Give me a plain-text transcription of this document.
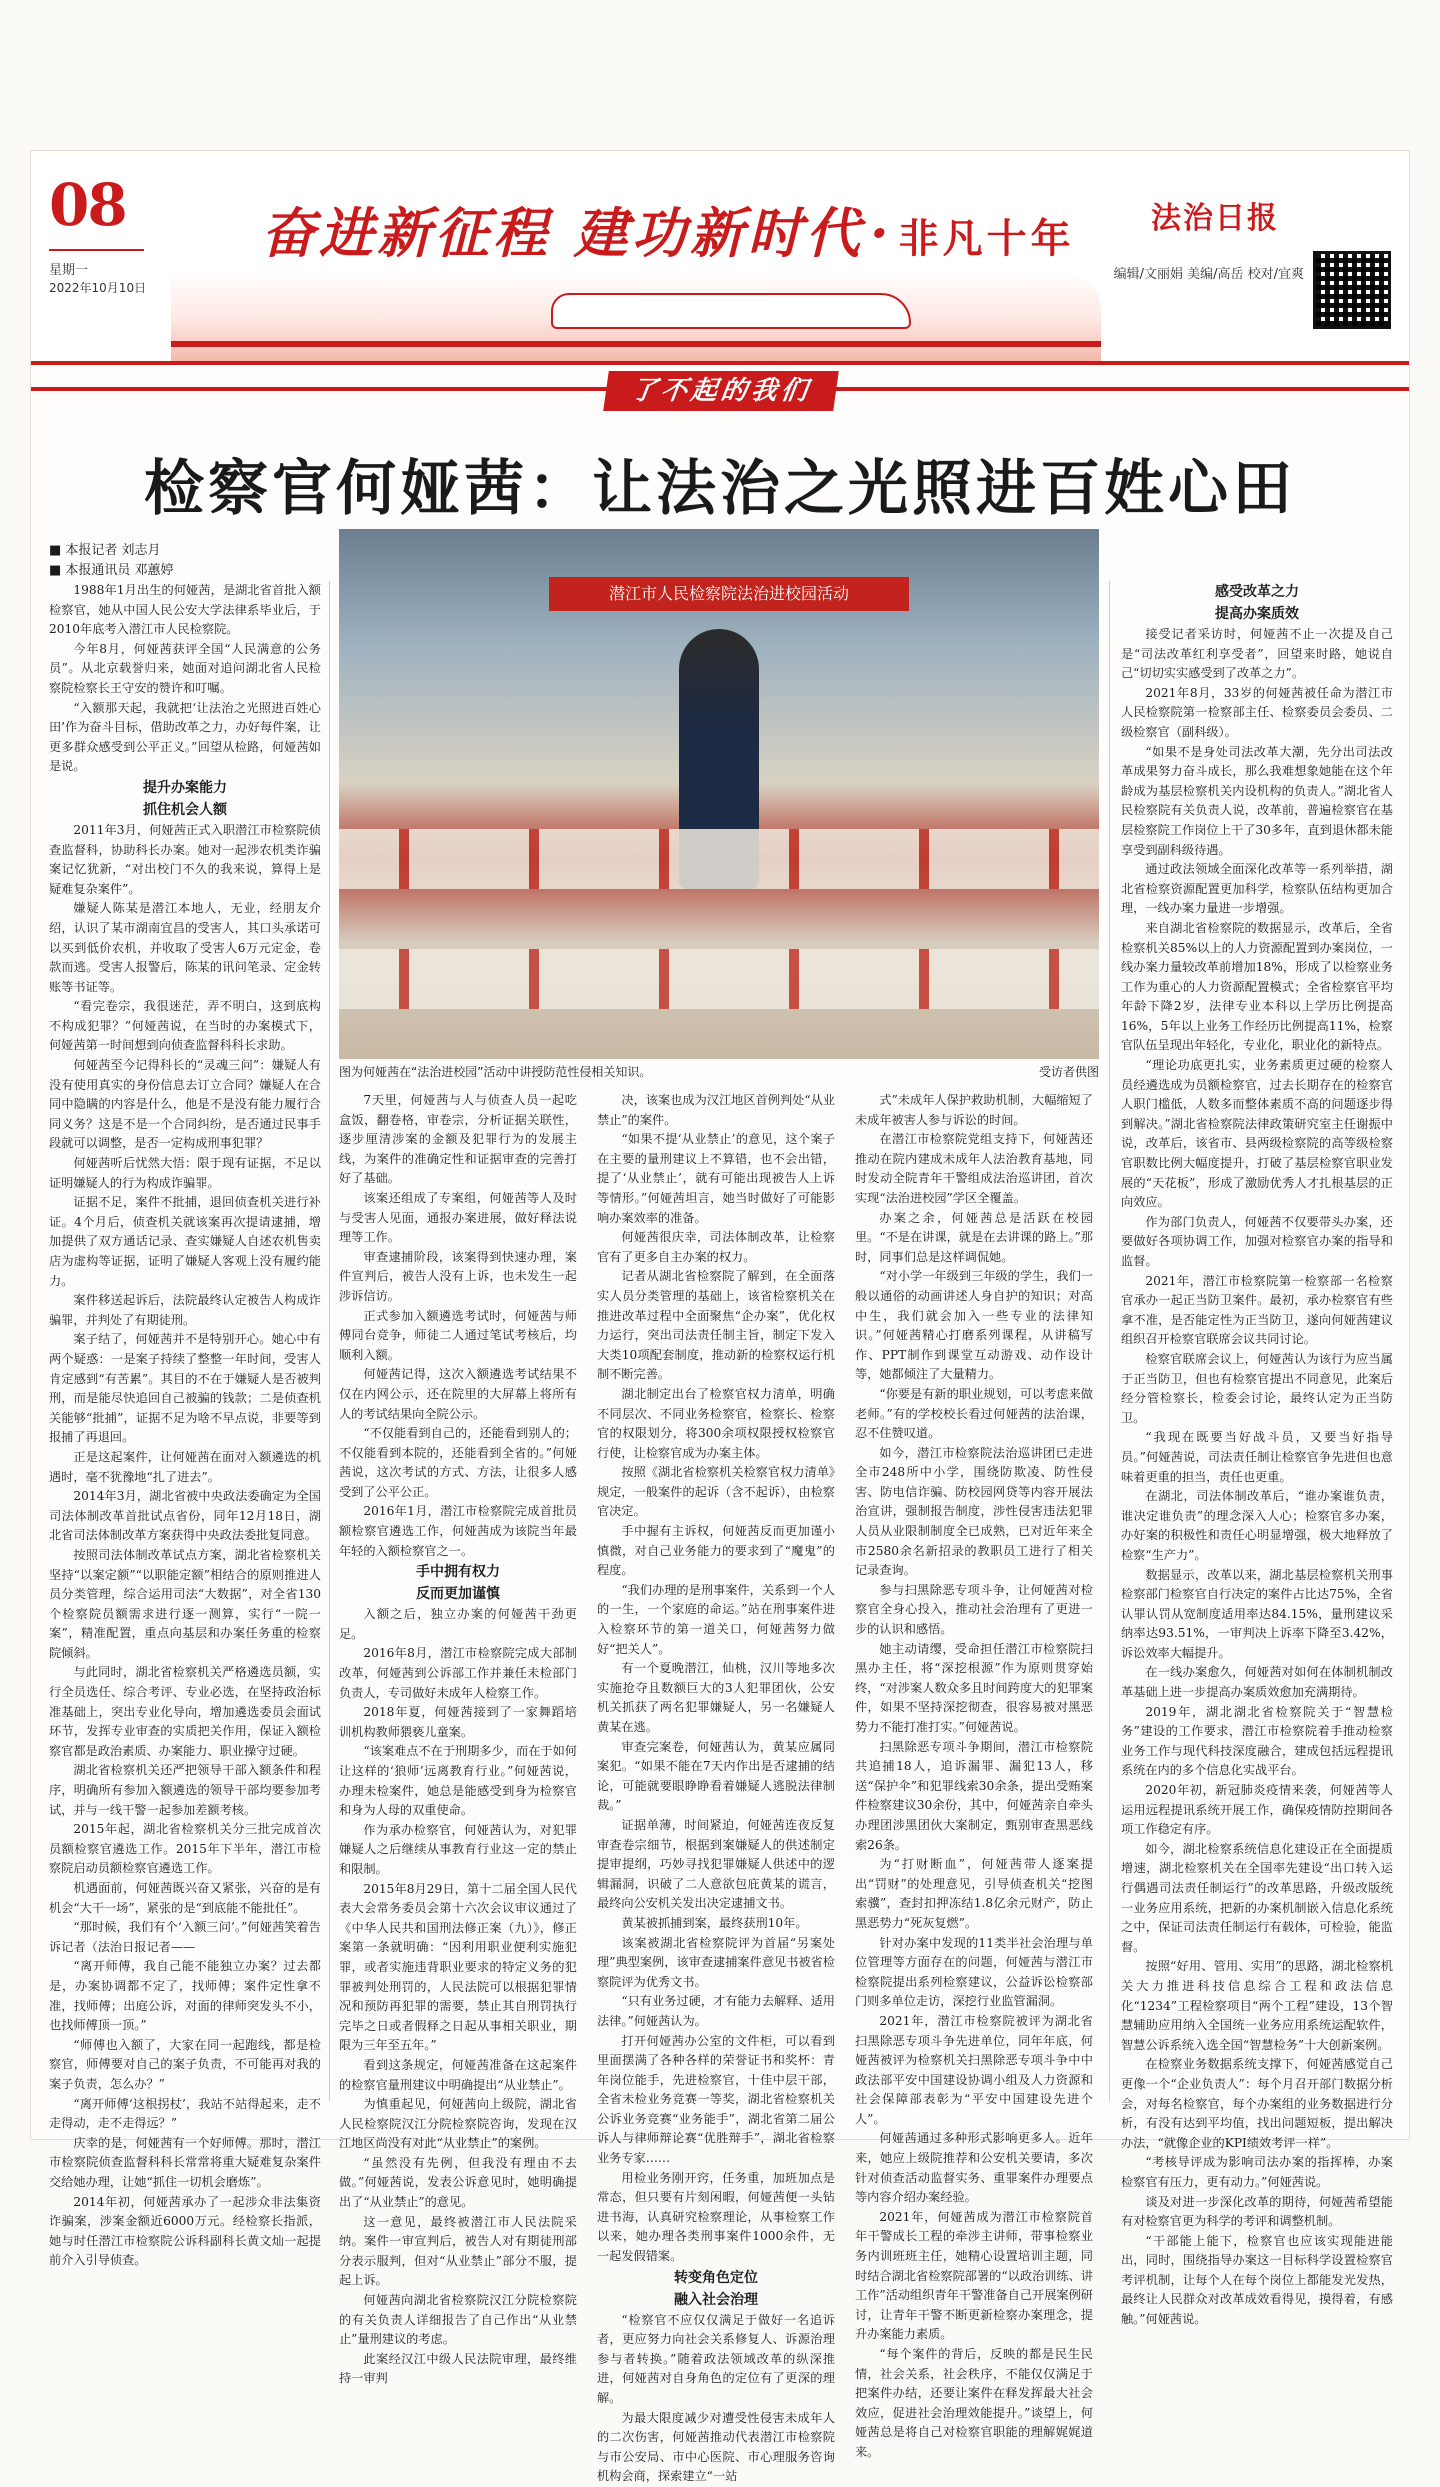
08
星期一
2022年10月10日
奋进新征程 建功新时代 · 非凡十年	法治日报
编辑/文丽娟 美编/高岳 校对/宜爽
了不起的我们
检察官何娅茜：让法治之光照进百姓心田
■ 本报记者 刘志月
■ 本报通讯员 邓蕙婷
潜江市人民检察院法治进校园活动
图为何娅茜在“法治进校园”活动中讲授防范性侵相关知识。	受访者供图

1988年1月出生的何娅茜，是湖北省首批入额检察官，她从中国人民公安大学法律系毕业后，于2010年底考入潜江市人民检察院。

今年8月，何娅茜获评全国“人民满意的公务员”。从北京载誉归来，她面对追问湖北省人民检察院检察长王守安的赞许和叮嘱。

“入额那天起，我就把‘让法治之光照进百姓心田’作为奋斗目标，借助改革之力，办好每件案，让更多群众感受到公平正义。”回望从检路，何娅茜如是说。

提升办案能力
抓住机会人额

2011年3月，何娅茜正式入职潜江市检察院侦查监督科，协助科长办案。她对一起涉农机类诈骗案记忆犹新，“对出校门不久的我来说，算得上是疑难复杂案件”。

嫌疑人陈某是潜江本地人，无业，经朋友介绍，认识了某市湖南宜昌的受害人，其口头承诺可以买到低价农机，并收取了受害人6万元定金，卷款而逃。受害人报警后，陈某的讯问笔录、定金转账等书证等。

“看完卷宗，我很迷茫，弄不明白，这到底构不构成犯罪？”何娅茜说，在当时的办案模式下，何娅茜第一时间想到向侦查监督科科长求助。

何娅茜至今记得科长的“灵魂三问”：嫌疑人有没有使用真实的身份信息去订立合同？嫌疑人在合同中隐瞒的内容是什么，他是不是没有能力履行合同义务？这是不是一个合同纠纷，是否通过民事手段就可以调整，是否一定构成刑事犯罪？

何娅茜听后忧然大悟：限于现有证据，不足以证明嫌疑人的行为构成诈骗罪。

证据不足，案件不批捕，退回侦查机关进行补证。4个月后，侦查机关就该案再次提请逮捕，增加提供了双方通话记录、查实嫌疑人自述农机售卖店为虚构等证据，证明了嫌疑人客观上没有履约能力。

案件移送起诉后，法院最终认定被告人构成诈骗罪，并判处了有期徒刑。

案子结了，何娅茜并不是特别开心。她心中有两个疑惑：一是案子持续了整整一年时间，受害人肯定感到“有苦累”。其目的不在于嫌疑人是否被判刑，而是能尽快追回自己被骗的钱款；二是侦查机关能够“批捕”，证据不足为啥不早点说，非要等到报捕了再退回。

正是这起案件，让何娅茜在面对入额遴选的机遇时，毫不犹豫地“扎了进去”。

2014年3月，湖北省被中央政法委确定为全国司法体制改革首批试点省份，同年12月18日，湖北省司法体制改革方案获得中央政法委批复同意。

按照司法体制改革试点方案，湖北省检察机关坚持“以案定额”“以职能定额”相结合的原则推进人员分类管理，综合运用司法“大数据”，对全省130个检察院员额需求进行逐一测算，实行“一院一案”，精准配置，重点向基层和办案任务重的检察院倾斜。

与此同时，湖北省检察机关严格遴选员额，实行全员选任、综合考评、专业必选，在坚持政治标准基础上，突出专业化导向，增加遴选委员会面试环节，发挥专业审查的实质把关作用，保证入额检察官都是政治素质、办案能力、职业操守过硬。

湖北省检察机关还严把领导干部入额条件和程序，明确所有参加入额遴选的领导干部均要参加考试，并与一线干警一起参加差额考核。

2015年起，湖北省检察机关分三批完成首次员额检察官遴选工作。2015年下半年，潜江市检察院启动员额检察官遴选工作。

机遇面前，何娅茜既兴奋又紧张，兴奋的是有机会“大干一场”，紧张的是“到底能不能批任”。

“那时候，我们有个‘入额三问’。”何娅茜笑着告诉记者（法治日报记者——

“离开师傅，我自己能不能独立办案？过去都是，办案协调都不定了，找师傅；案件定性拿不准，找师傅；出庭公诉，对面的律师突发头不小，也找师傅顶一顶。”

“师傅也入额了，大家在同一起跑线，都是检察官，师傅要对自己的案子负责，不可能再对我的案子负责，怎么办？”

“离开师傅‘这根拐杖’，我站不站得起来，走不走得动，走不走得远？”

庆幸的是，何娅茜有一个好师傅。那时，潜江市检察院侦查监督科科长常常将重大疑难复杂案件交给她办理，让她“抓住一切机会磨炼”。

2014年初，何娅茜承办了一起涉众非法集资诈骗案，涉案金额近6000万元。经检察长指派，她与时任潜江市检察院公诉科副科长黄文灿一起提前介入引导侦查。

7天里，何娅茜与人与侦查人员一起吃盒饭，翻卷格，审卷宗，分析证据关联性，逐步厘清涉案的金额及犯罪行为的发展主线，为案件的准确定性和证据审查的完善打好了基础。

该案还组成了专案组，何娅茜等人及时与受害人见面，通报办案进展，做好释法说理等工作。

审查逮捕阶段，该案得到快速办理，案件宣判后，被告人没有上诉，也未发生一起涉诉信访。

正式参加入额遴选考试时，何娅茜与师傅同台竞争，师徒二人通过笔试考核后，均顺利入额。

何娅茜记得，这次入额遴选考试结果不仅在内网公示，还在院里的大屏幕上将所有人的考试结果向全院公示。

“不仅能看到自己的，还能看到别人的；不仅能看到本院的，还能看到全省的。”何娅茜说，这次考试的方式、方法，让很多人感受到了公平公正。

2016年1月，潜江市检察院完成首批员额检察官遴选工作，何娅茜成为该院当年最年轻的入额检察官之一。

手中拥有权力
反而更加谨慎

入额之后，独立办案的何娅茜干劲更足。

2016年8月，潜江市检察院完成大部制改革，何娅茜到公诉部工作并兼任未检部门负责人，专司做好未成年人检察工作。

2018年夏，何娅茜接到了一家舞蹈培训机构教师猥亵儿童案。

“该案难点不在于刑期多少，而在于如何让这样的‘狼师’远离教育行业。”何娅茜说，办理未检案件，她总是能感受到身为检察官和身为人母的双重使命。

作为承办检察官，何娅茜认为，对犯罪嫌疑人之后继续从事教育行业这一定的禁止和限制。

2015年8月29日，第十二届全国人民代表大会常务委员会第十六次会议审议通过了《中华人民共和国刑法修正案（九）》，修正案第一条就明确：“因利用职业便利实施犯罪，或者实施违背职业要求的特定义务的犯罪被判处刑罚的，人民法院可以根据犯罪情况和预防再犯罪的需要，禁止其自刑罚执行完毕之日或者假释之日起从事相关职业，期限为三年至五年。”

看到这条规定，何娅茜准备在这起案件的检察官量刑建议中明确提出“从业禁止”。

为慎重起见，何娅茜向上级院，湖北省人民检察院汉江分院检察院咨询，发现在汉江地区尚没有对此“从业禁止”的案例。

“虽然没有先例，但我没有理由不去做。”何娅茜说，发表公诉意见时，她明确提出了“从业禁止”的意见。

这一意见，最终被潜江市人民法院采纳。案件一审宣判后，被告人对有期徒刑部分表示服判，但对“从业禁止”部分不服，提起上诉。

何娅茜向湖北省检察院汉江分院检察院的有关负责人详细报告了自己作出“从业禁止”量刑建议的考虑。

此案经汉江中级人民法院审理，最终维持一审判

决，该案也成为汉江地区首例判处“从业禁止”的案件。

“如果不提‘从业禁止’的意见，这个案子在主要的量刑建议上不算错，也不会出错，提了‘从业禁止’，就有可能出现被告人上诉等情形。”何娅茜坦言，她当时做好了可能影响办案效率的准备。

何娅茜很庆幸，司法体制改革，让检察官有了更多自主办案的权力。

记者从湖北省检察院了解到，在全面落实人员分类管理的基础上，该省检察机关在推进改革过程中全面聚焦“企办案”，优化权力运行，突出司法责任制主旨，制定下发入大类10项配套制度，推动新的检察权运行机制不断完善。

湖北制定出台了检察官权力清单，明确不同层次、不同业务检察官，检察长、检察官的权限划分，将300余项权限授权检察官行使，让检察官成为办案主体。

按照《湖北省检察机关检察官权力清单》规定，一般案件的起诉（含不起诉），由检察官决定。

手中握有主诉权，何娅茜反而更加谨小慎微，对自己业务能力的要求到了“魔鬼”的程度。

“我们办理的是刑事案件，关系到一个人的一生，一个家庭的命运。”站在刑事案件进入检察环节的第一道关口，何娅茜努力做好“把关人”。

有一个夏晚潜江，仙桃，汉川等地多次实施抢夺且数额巨大的3人犯罪团伙，公安机关抓获了两名犯罪嫌疑人，另一名嫌疑人黄某在逃。

审查完案卷，何娅茜认为，黄某应属同案犯。“如果不能在7天内作出是否逮捕的结论，可能就要眼睁睁看着嫌疑人逃脱法律制裁。”

证据单薄，时间紧迫，何娅茜连夜反复审查卷宗细节，根据到案嫌疑人的供述制定提审提纲，巧妙寻找犯罪嫌疑人供述中的逻辑漏洞，识破了二人意欲包庇黄某的谎言，最终向公安机关发出决定逮捕文书。

黄某被抓捕到案，最终获刑10年。

该案被湖北省检察院评为首届“另案处理”典型案例，该审查逮捕案件意见书被省检察院评为优秀文书。

“只有业务过硬，才有能力去解释、适用法律。”何娅茜认为。

打开何娅茜办公室的文件柜，可以看到里面摆满了各种各样的荣誉证书和奖杯：青年岗位能手，先进检察官，十佳中层干部，全省未检业务竞赛一等奖，湖北省检察机关公诉业务竞赛“业务能手”，湖北省第二届公诉人与律师辩论赛“优胜辩手”，湖北省检察业务专家……

用检业务刚开窍，任务重，加班加点是常态，但只要有片刻闲暇，何娅茜便一头钻进书海，认真研究检察理论，从事检察工作以来，她办理各类刑事案件1000余件，无一起发假错案。

转变角色定位
融入社会治理

“检察官不应仅仅满足于做好一名追诉者，更应努力向社会关系修复人、诉源治理参与者转换。”随着政法领域改革的纵深推进，何娅茜对自身角色的定位有了更深的理解。

为最大限度减少对遭受性侵害未成年人的二次伤害，何娅茜推动代表潜江市检察院与市公安局、市中心医院、市心理服务咨询机构会商，探索建立“一站

式”未成年人保护救助机制，大幅缩短了未成年被害人参与诉讼的时间。

在潜江市检察院党组支持下，何娅茜还推动在院内建成未成年人法治教育基地，同时发动全院青年干警组成法治巡讲团，首次实现“法治进校园”学区全覆盖。

办案之余，何娅茜总是活跃在校园里。“不是在讲课，就是在去讲课的路上。”那时，同事们总是这样调侃她。

“对小学一年级到三年级的学生，我们一般以通俗的动画讲述人身自护的知识；对高中生，我们就会加入一些专业的法律知识。”何娅茜精心打磨系列课程，从讲稿写作、PPT制作到课堂互动游戏、动作设计等，她都倾注了大量精力。

“你要是有新的职业规划，可以考虑来做老师。”有的学校校长看过何娅茜的法治课，忍不住赞叹道。

如今，潜江市检察院法治巡讲团已走进全市248所中小学，围绕防欺凌、防性侵害、防电信诈骗、防校园网贷等内容开展法治宣讲，强制报告制度，涉性侵害违法犯罪人员从业限制制度全已成熟，已对近年来全市2580余名新招录的教职员工进行了相关记录查询。

参与扫黑除恶专项斗争，让何娅茜对检察官全身心投入，推动社会治理有了更进一步的认识和感悟。

她主动请缨，受命担任潜江市检察院扫黑办主任，将“深挖根源”作为原则贯穿始终，“对涉案人数众多且时间跨度大的犯罪案件，如果不坚持深挖彻查，很容易被对黑恶势力不能打准打实。”何娅茜说。

扫黑除恶专项斗争期间，潜江市检察院共追捕18人，追诉漏罪、漏犯13人，移送“保护伞”和犯罪线索30余条，提出受贿案件检察建议30余份，其中，何娅茜亲自牵头办理团涉黑团伙大案制定，甄别审查黑恶线索26条。

为“打财断血”，何娅茜带人逐案提出“罚财”的处理意见，引导侦查机关“挖图索骥”，查封扣押冻结1.8亿余元财产，防止黑恶势力“死灰复燃”。

针对办案中发现的11类半社会治理与单位管理等方面存在的问题，何娅茜与潜江市检察院提出系列检察建议，公益诉讼检察部门则多单位走访，深挖行业监管漏洞。

2021年，潜江市检察院被评为湖北省扫黑除恶专项斗争先进单位，同年年底，何娅茜被评为检察机关扫黑除恶专项斗争中中政法部平安中国建设协调小组及人力资源和社会保障部表彰为“平安中国建设先进个人”。

何娅茜通过多种形式影响更多人。近年来，她应上级院推荐和公安机关要请，多次针对侦查活动监督实务、重罪案件办理要点等内容介绍办案经验。

2021年，何娅茜成为潜江市检察院首年干警成长工程的牵涉主讲师，带事检察业务内训班班主任，她精心设置培训主题，同时结合湖北省检察院部署的“以政治训练、讲工作”活动组织青年干警准备自己开展案例研讨，让青年干警不断更新检察办案理念，提升办案能力素质。

“每个案件的背后，反映的都是民生民情，社会关系，社会秩序，不能仅仅满足于把案件办结，还要让案件在释发挥最大社会效应，促进社会治理效能提升。”谈望上，何娅茜总是将自己对检察官职能的理解娓娓道来。

感受改革之力
提高办案质效

接受记者采访时，何娅茜不止一次提及自己是“司法改革红利享受者”，回望来时路，她说自己“切切实实感受到了改革之力”。

2021年8月，33岁的何娅茜被任命为潜江市人民检察院第一检察部主任、检察委员会委员、二级检察官（副科级）。

“如果不是身处司法改革大潮，先分出司法改革成果努力奋斗成长，那么我难想象她能在这个年龄成为基层检察机关内设机构的负责人。”湖北省人民检察院有关负责人说，改革前，普遍检察官在基层检察院工作岗位上干了30多年，直到退休都未能享受到副科级待遇。

通过政法领域全面深化改革等一系列举措，湖北省检察资源配置更加科学，检察队伍结构更加合理，一线办案力量进一步增强。

来自湖北省检察院的数据显示，改革后，全省检察机关85%以上的人力资源配置到办案岗位，一线办案力量较改革前增加18%，形成了以检察业务工作为重心的人力资源配置模式；全省检察官平均年龄下降2岁，法律专业本科以上学历比例提高16%，5年以上业务工作经历比例提高11%，检察官队伍呈现出年轻化，专业化，职业化的新特点。

“理论功底更扎实，业务素质更过硬的检察人员经遴选成为员额检察官，过去长期存在的检察官人职门槛低，人数多而整体素质不高的问题逐步得到解决。”湖北省检察院法律政策研究室主任谢振中说，改革后，该省市、县两级检察院的高等级检察官职数比例大幅度提升，打破了基层检察官职业发展的“天花板”，形成了激励优秀人才扎根基层的正向效应。

作为部门负责人，何娅茜不仅要带头办案，还要做好各项协调工作，加强对检察官办案的指导和监督。

2021年，潜江市检察院第一检察部一名检察官承办一起正当防卫案件。最初，承办检察官有些拿不准，是否能定性为正当防卫，遂向何娅茜建议组织召开检察官联席会议共同讨论。

检察官联席会议上，何娅茜认为该行为应当属于正当防卫，但也有检察官提出不同意见，此案后经分管检察长，检委会讨论，最终认定为正当防卫。

“我现在既要当好战斗员，又要当好指导员。”何娅茜说，司法责任制让检察官争先进但也意味着更重的担当，责任也更重。

在湖北，司法体制改革后，“谁办案谁负责，谁决定谁负责”的理念深入人心；检察官多办案，办好案的积极性和责任心明显增强，极大地释放了检察“生产力”。

数据显示，改革以来，湖北基层检察机关刑事检察部门检察官自行决定的案件占比达75%，全省认罪认罚从宽制度适用率达84.15%，量刑建议采纳率达93.51%，一审判决上诉率下降至3.42%，诉讼效率大幅提升。

在一线办案愈久，何娅茜对如何在体制机制改革基础上进一步提高办案质效愈加充满期待。

2019年，湖北湖北省检察院关于“智慧检务”建设的工作要求，潜江市检察院着手推动检察业务工作与现代科技深度融合，建成包括远程提讯系统在内的多个信息化实战平台。

2020年初，新冠肺炎疫情来袭，何娅茜等人运用远程提讯系统开展工作，确保疫情防控期间各项工作稳定有序。

如今，湖北检察系统信息化建设正在全面提质增速，湖北检察机关在全国率先建设“出口转入运行偶遇司法责任制运行”的改革思路，升级改版统一业务应用系统，把新的办案机制嵌入信息化系统之中，保证司法责任制运行有载体，可检验，能监督。

按照“好用、管用、实用”的思路，湖北检察机关大力推进科技信息综合工程和政法信息化“1234”工程检察项目“两个工程”建设，13个智慧辅助应用纳入全国统一业务应用系统运配软件，智慧公诉系统入选全国“智慧检务”十大创新案例。

在检察业务数据系统支撑下，何娅茜感觉自己更像一个“企业负责人”：每个月召开部门数据分析会，对每名检察官，每个办案组的业务数据进行分析，有没有达到平均值，找出问题短板，提出解决办法，“就像企业的KPI绩效考评一样”。

“考核导评成为影响司法办案的指挥棒，办案检察官有压力，更有动力。”何娅茜说。

谈及对进一步深化改革的期待，何娅茜希望能有对检察官更为科学的考评和调整机制。

“干部能上能下，检察官也应该实现能进能出，同时，围绕指导办案这一目标科学设置检察官考评机制，让每个人在每个岗位上都能发光发热，最终让人民群众对改革成效看得见，摸得着，有感触。”何娅茜说。
